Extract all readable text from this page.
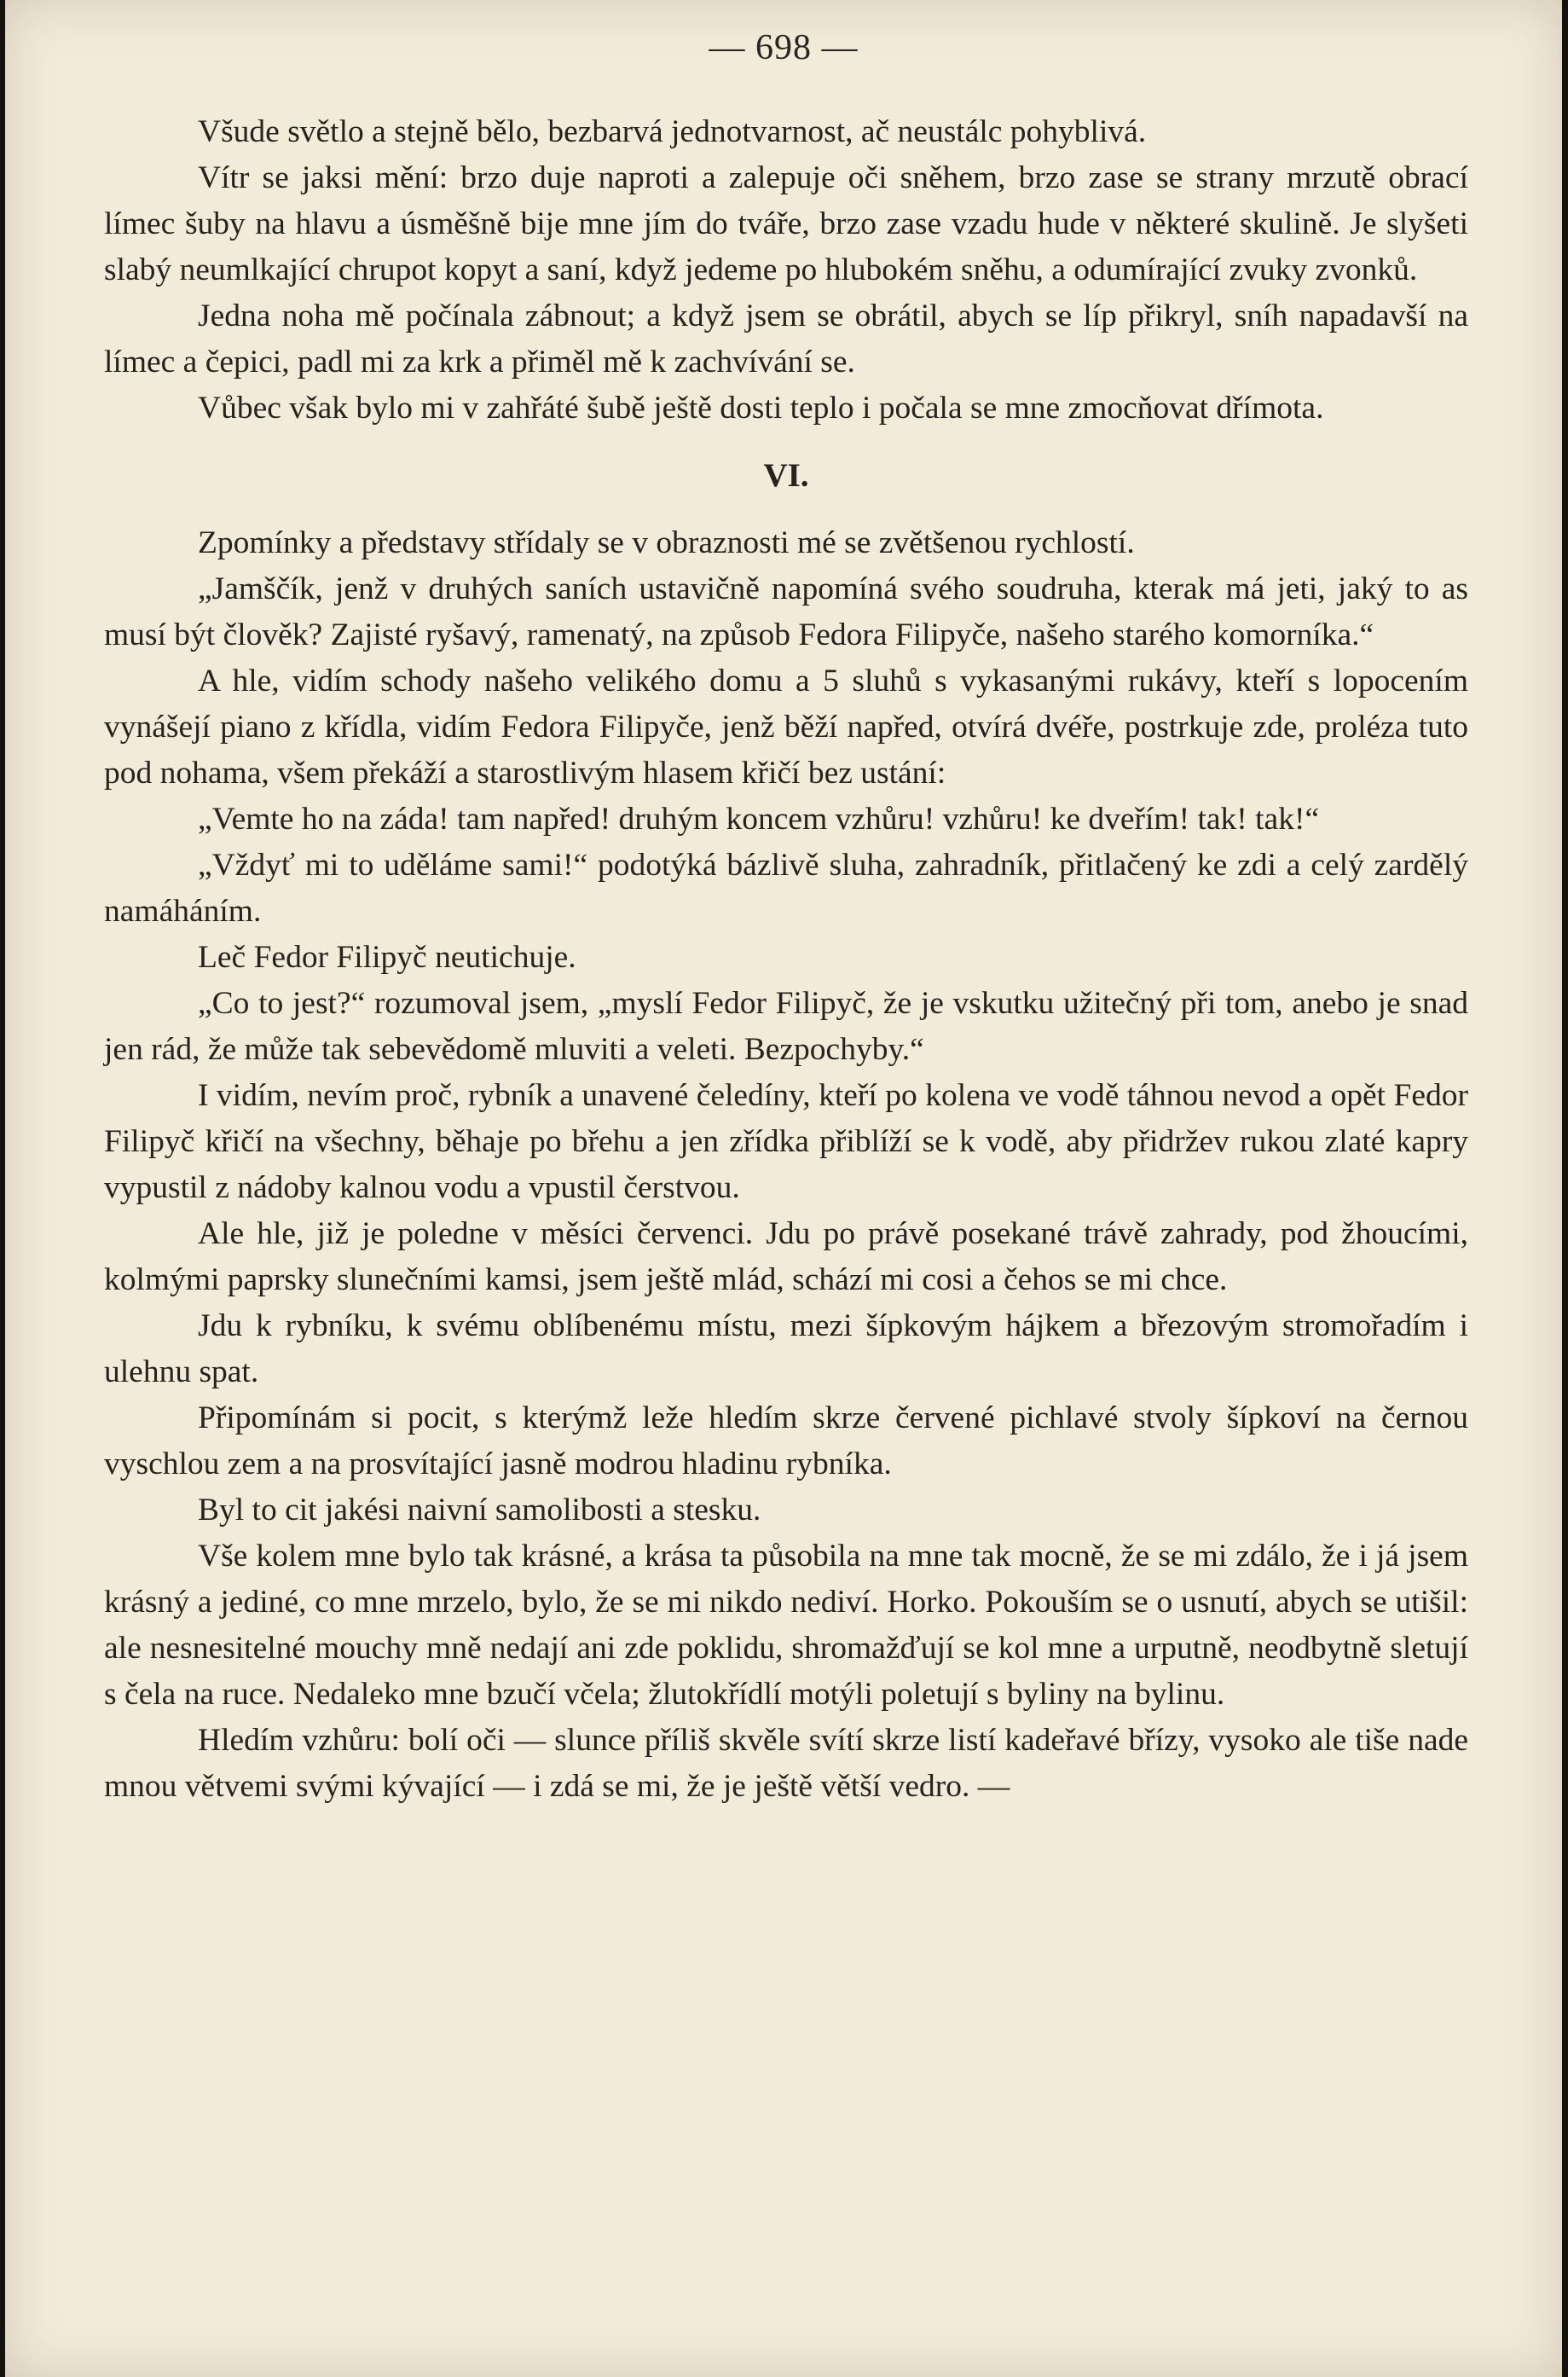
— 698 —

Všude světlo a stejně bělo, bezbarvá jednotvarnost, ač neustálc pohyblivá.

Vítr se jaksi mění: brzo duje naproti a zalepuje oči sněhem, brzo zase se strany mrzutě obrací límec šuby na hlavu a úsměšně bije mne jím do tváře, brzo zase vzadu hude v některé skulině. Je slyšeti slabý neumlkající chrupot kopyt a saní, když jedeme po hlubokém sněhu, a odumírající zvuky zvonků.

Jedna noha mě počínala zábnout; a když jsem se obrátil, abych se líp přikryl, sníh napadavší na límec a čepici, padl mi za krk a přiměl mě k zachvívání se.

Vůbec však bylo mi v zahřáté šubě ještě dosti teplo i počala se mne zmocňovat dřímota.

VI.

Zpomínky a představy střídaly se v obraznosti mé se zvětšenou rychlostí.

„Jamščík, jenž v druhých saních ustavičně napomíná svého soudruha, kterak má jeti, jaký to as musí být člověk? Zajisté ryšavý, ramenatý, na způsob Fedora Filipyče, našeho starého komorníka.“

A hle, vidím schody našeho velikého domu a 5 sluhů s vykasanými rukávy, kteří s lopocením vynášejí piano z křídla, vidím Fedora Filipyče, jenž běží napřed, otvírá dvéře, postrkuje zde, proléza tuto pod nohama, všem překáží a starostlivým hlasem křičí bez ustání:

„Vemte ho na záda! tam napřed! druhým koncem vzhůru! vzhůru! ke dveřím! tak! tak!“

„Vždyť mi to uděláme sami!“ podotýká bázlivě sluha, zahradník, přitlačený ke zdi a celý zardělý namáháním.

Leč Fedor Filipyč neutichuje.

„Co to jest?“ rozumoval jsem, „myslí Fedor Filipyč, že je vskutku užitečný při tom, anebo je snad jen rád, že může tak sebevědomě mluviti a veleti. Bezpochyby.“

I vidím, nevím proč, rybník a unavené čeledíny, kteří po kolena ve vodě táhnou nevod a opět Fedor Filipyč křičí na všechny, běhaje po břehu a jen zřídka přiblíží se k vodě, aby přidržev rukou zlaté kapry vypustil z nádoby kalnou vodu a vpustil čerstvou.

Ale hle, již je poledne v měsíci červenci. Jdu po právě posekané trávě zahrady, pod žhoucími, kolmými paprsky slunečními kamsi, jsem ještě mlád, schází mi cosi a čehos se mi chce.

Jdu k rybníku, k svému oblíbenému místu, mezi šípkovým hájkem a březovým stromořadím i ulehnu spat.

Připomínám si pocit, s kterýmž leže hledím skrze červené pichlavé stvoly šípkoví na černou vyschlou zem a na prosvítající jasně modrou hladinu rybníka.

Byl to cit jakési naivní samolibosti a stesku.

Vše kolem mne bylo tak krásné, a krása ta působila na mne tak mocně, že se mi zdálo, že i já jsem krásný a jediné, co mne mrzelo, bylo, že se mi nikdo nediví. Horko. Pokouším se o usnutí, abych se utišil: ale nesnesitelné mouchy mně nedají ani zde poklidu, shromažďují se kol mne a urputně, neodbytně sletují s čela na ruce. Nedaleko mne bzučí včela; žlutokřídlí motýli poletují s byliny na bylinu.

Hledím vzhůru: bolí oči — slunce příliš skvěle svítí skrze listí kadeřavé břízy, vysoko ale tiše nade mnou větvemi svými kývající — i zdá se mi, že je ještě větší vedro. —
